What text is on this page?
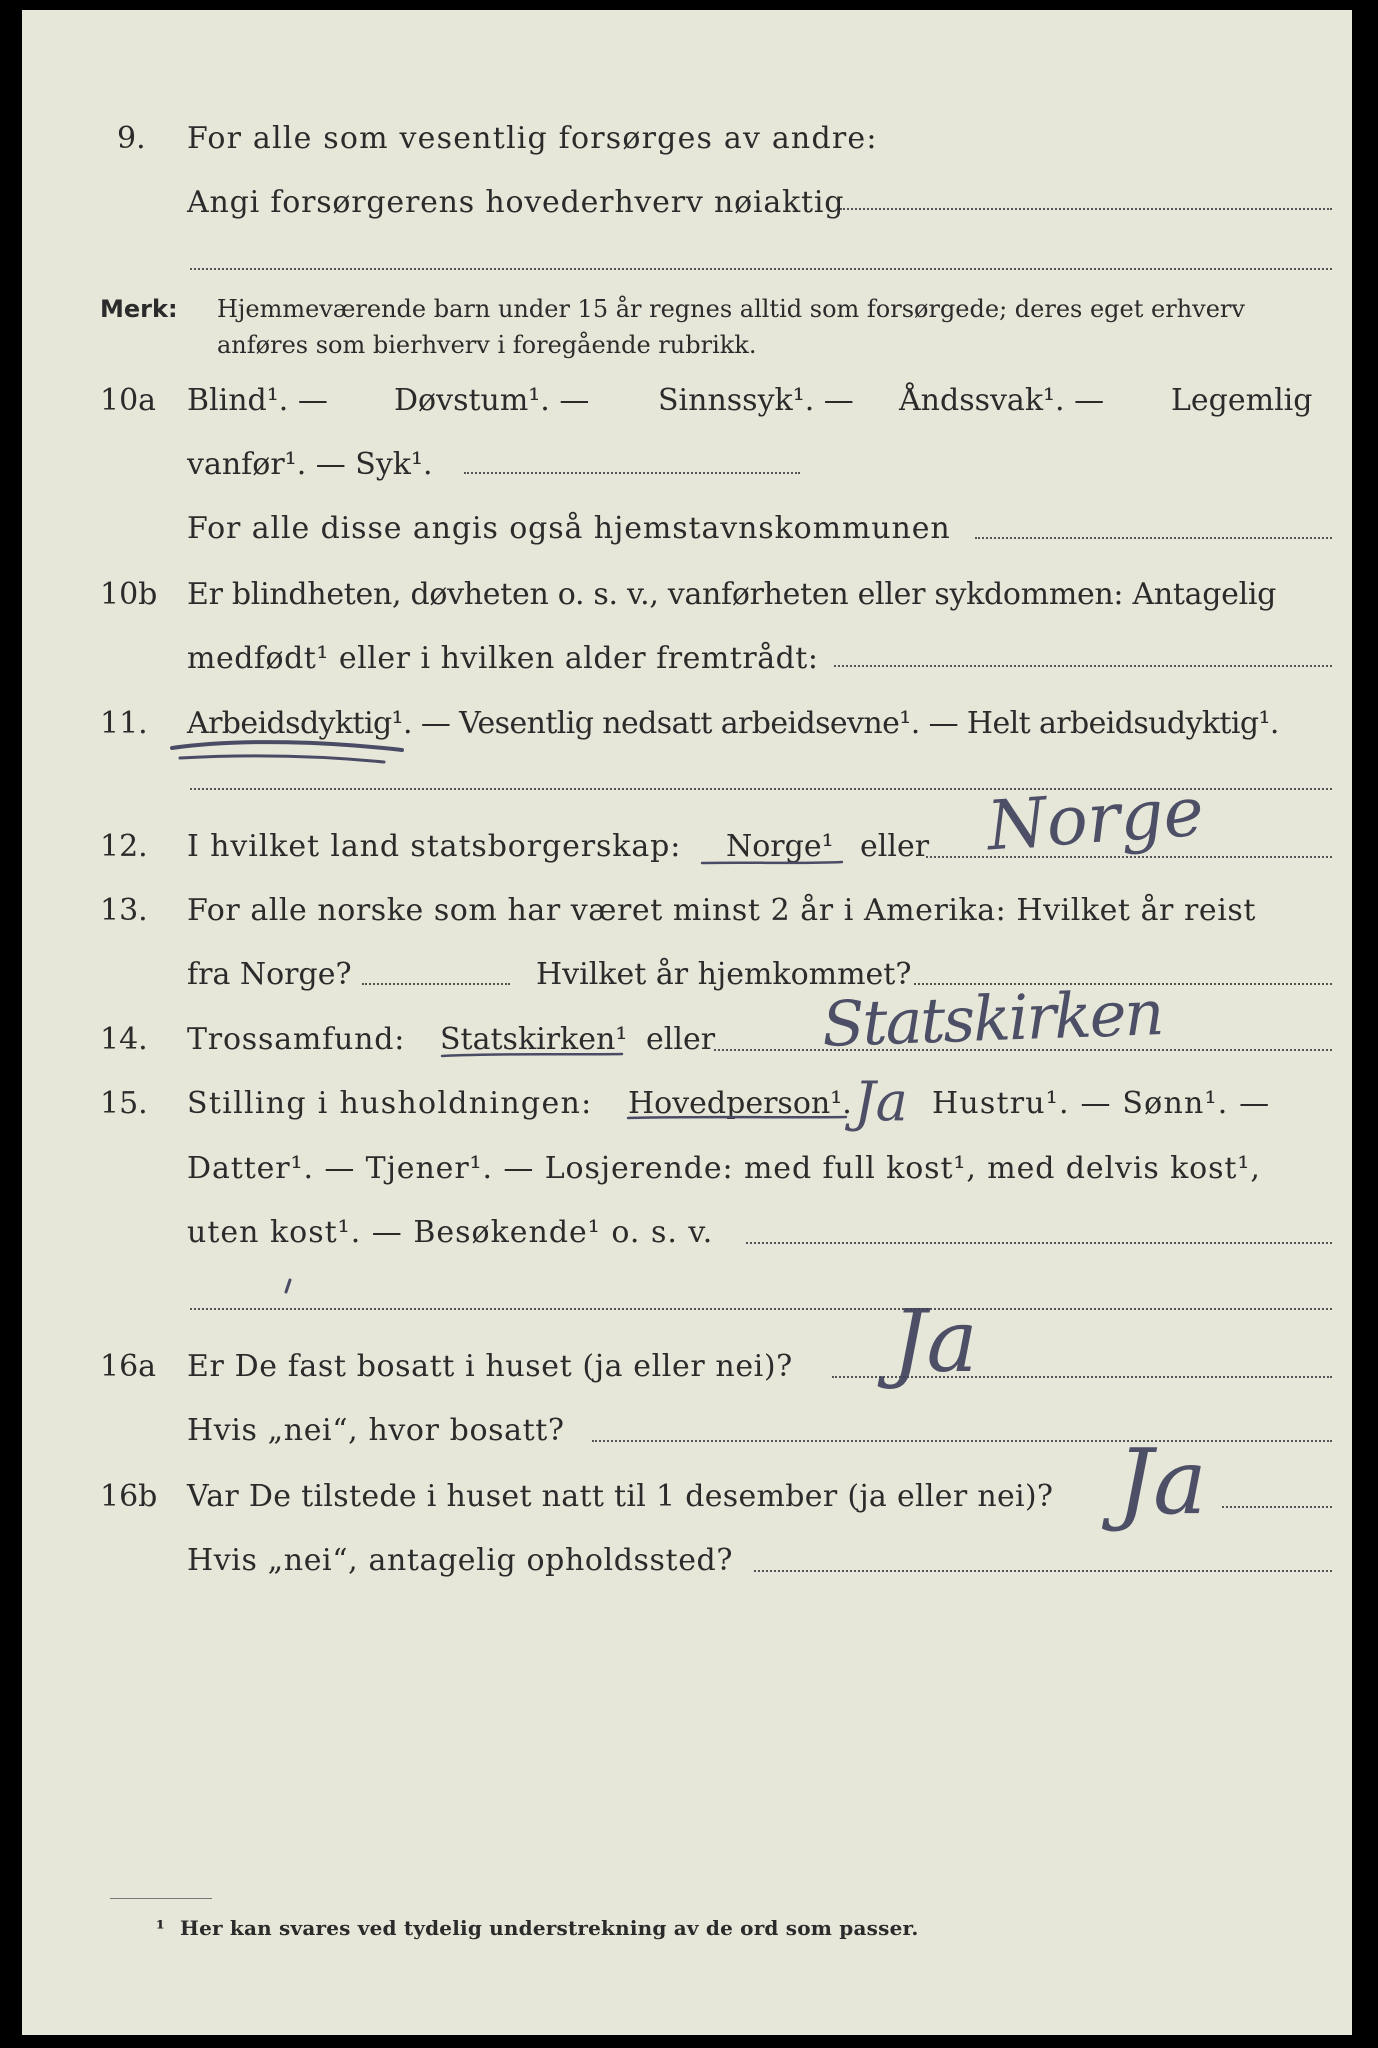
9. For alle som vesentlig forsørges av andre:
Angi forsørgerens hovederhverv nøiaktig
Merk: Hjemmeværende barn under 15 år regnes alltid som forsørgede; deres eget erhverv
anføres som bierhverv i foregående rubrikk.
10a Blind¹. — Døvstum¹. — Sinnssyk¹. — Åndssvak¹. — Legemlig
vanfør¹. — Syk¹.
For alle disse angis også hjemstavnskommunen
10b Er blindheten, døvheten o. s. v., vanførheten eller sykdommen: Antagelig
medfødt¹ eller i hvilken alder fremtrådt:
11. Arbeidsdyktig¹. — Vesentlig nedsatt arbeidsevne¹. — Helt arbeidsudyktig¹.
12. I hvilket land statsborgerskap: Norge¹ eller Norge
13. For alle norske som har været minst 2 år i Amerika: Hvilket år reist
fra Norge?	Hvilket år hjemkommet?
14. Trossamfund: Statskirken¹ eller Statskirken
15. Stilling i husholdningen: Hovedperson¹. Ja Hustru¹. — Sønn¹. —
Datter¹. — Tjener¹. — Losjerende: med full kost¹, med delvis kost¹,
uten kost¹. — Besøkende¹ o. s. v.
16a Er De fast bosatt i huset (ja eller nei)? Ja
Hvis „nei“, hvor bosatt?
16b Var De tilstede i huset natt til 1 desember (ja eller nei)? Ja
Hvis „nei“, antagelig opholdssted?
¹ Her kan svares ved tydelig understrekning av de ord som passer.
